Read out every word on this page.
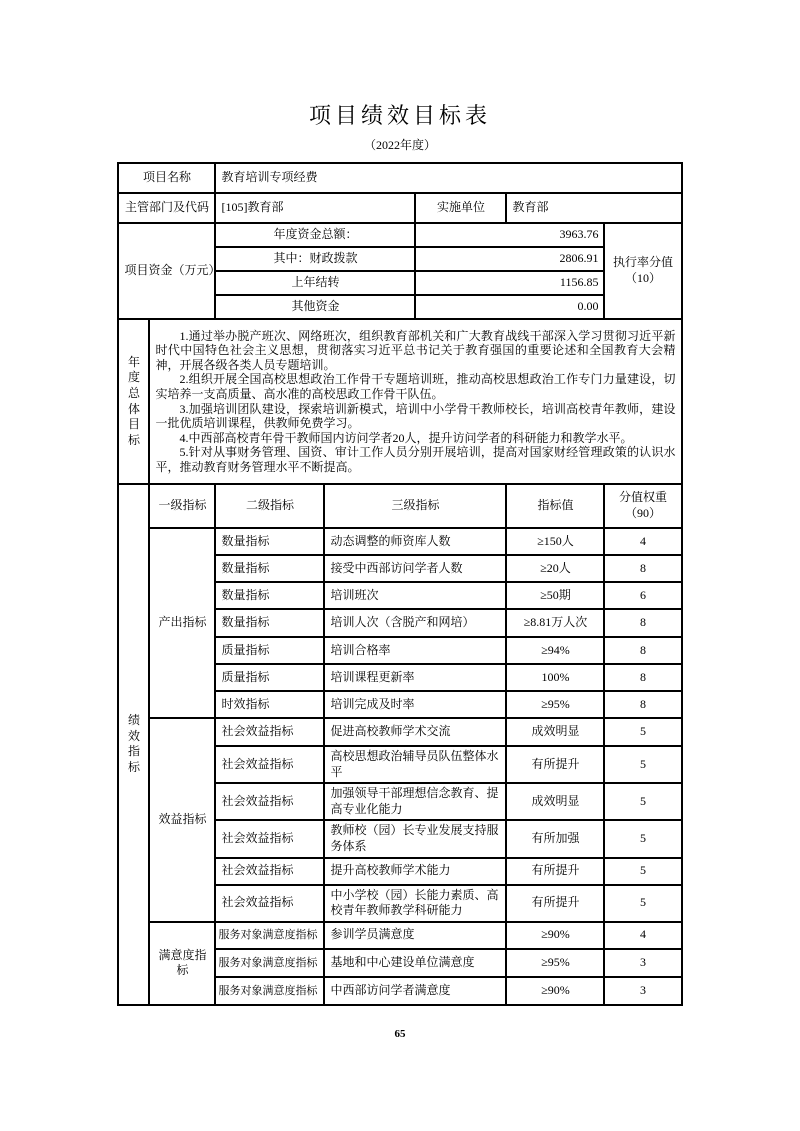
项目绩效目标表
（2022年度）
项目名称		教育培训专项经费				
主管部门及代码		[105]教育部		实施单位	教育部	
项目资金（万元）		年度资金总额：		3963.76		执行率分值
（10）

		其中：财政拨款		2806.91		
		上年结转		1156.85		
		其他资金		0.00		
年度总体目标	1.通过举办脱产班次、网络班次，组织教育部机关和广大教育战线干部深入学习贯彻习近平新时代中国特色社会主义思想，贯彻落实习近平总书记关于教育强国的重要论述和全国教育大会精神，开展各级各类人员专题培训。

2.组织开展全国高校思想政治工作骨干专题培训班，推动高校思想政治工作专门力量建设，切实培养一支高质量、高水准的高校思政工作骨干队伍。

3.加强培训团队建设，探索培训新模式，培训中小学骨干教师校长，培训高校青年教师，建设一批优质培训课程，供教师免费学习。

4.中西部高校青年骨干教师国内访问学者20人，提升访问学者的科研能力和教学水平。

5.针对从事财务管理、国资、审计工作人员分别开展培训，提高对国家财经管理政策的认识水平，推动教育财务管理水平不断提高。					

绩效指标	一级指标	二级指标	三级指标		指标值	分值权重
（90）

	产出指标	数量指标	动态调整的师资库人数		≥150人	4
		数量指标	接受中西部访问学者人数		≥20人	8
		数量指标	培训班次		≥50期	6
		数量指标	培训人次（含脱产和网培）		≥8.81万人次	8
		质量指标	培训合格率		≥94%	8
		质量指标	培训课程更新率		100%	8
		时效指标	培训完成及时率		≥95%	8
	效益指标	社会效益指标	促进高校教师学术交流		成效明显	5
		社会效益指标	高校思想政治辅导员队伍整体水平		有所提升	5
		社会效益指标	加强领导干部理想信念教育、提高专业化能力		成效明显	5
		社会效益指标	教师校（园）长专业发展支持服务体系		有所加强	5
		社会效益指标	提升高校教师学术能力		有所提升	5
		社会效益指标	中小学校（园）长能力素质、高校青年教师教学科研能力		有所提升	5
	满意度指标	服务对象满意度指标	参训学员满意度		≥90%	4
		服务对象满意度指标	基地和中心建设单位满意度		≥95%	3
		服务对象满意度指标	中西部访问学者满意度		≥90%	3
65
